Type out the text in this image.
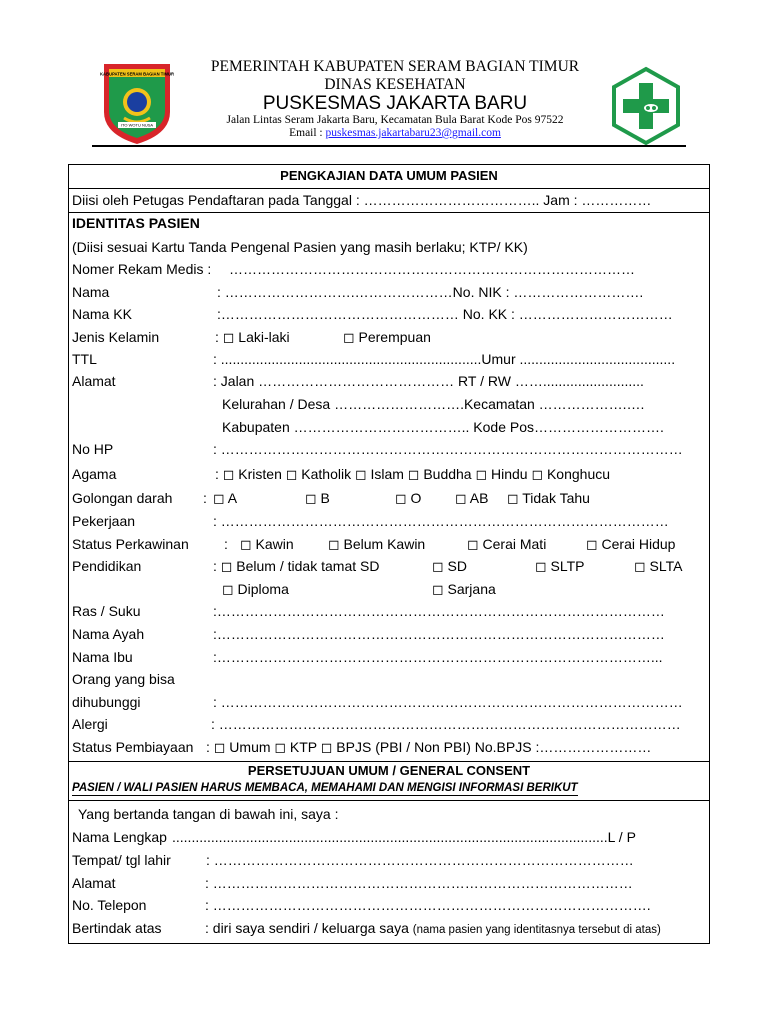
KABUPATEN SERAM BAGIAN TIMUR
ITO WOTU NUSA
PEMERINTAH KABUPATEN SERAM BAGIAN TIMUR
DINAS KESEHATAN
PUSKESMAS JAKARTA BARU
Jalan Lintas Seram Jakarta Baru, Kecamatan Bula Barat Kode Pos 97522
Email : puskesmas.jakartabaru23@gmail.com
PENGKAJIAN DATA UMUM PASIEN
Diisi oleh Petugas Pendaftaran pada Tanggal : ……………………………….. Jam : ……………
IDENTITAS PASIEN
(Diisi sesuai Kartu Tanda Pengenal Pasien yang masih berlaku; KTP/ KK)
Nomer Rekam Medis : ……………………………………………………………………………
Nama	: ……………………….…………………No. NIK : ……………………….
Nama KK	:…………………………………………… No. KK : ……………………………
Jenis Kelamin	: ◻ Laki-laki	◻ Perempuan
TTL	: ...................................................................Umur ........................................
Alamat	: Jalan …………………………………… RT / RW ……..........................
Kelurahan / Desa ……………………….Kecamatan ……………….….
Kabupaten ……………………………….. Kode Pos……………………….
No HP	: ………………………………………………………………………………………
Agama	: ◻ Kristen ◻ Katholik ◻ Islam ◻ Buddha ◻ Hindu ◻ Konghucu
Golongan darah : ◻ A	◻ B	◻ O ◻ AB ◻ Tidak Tahu
Pekerjaan	: ……………………………………………………………………………………
Status Perkawinan	: ◻ Kawin ◻ Belum Kawin	◻ Cerai Mati	◻ Cerai Hidup
Pendidikan	: ◻ Belum / tidak tamat SD	◻ SD	◻ SLTP	◻ SLTA
◻ Diploma	◻ Sarjana
Ras / Suku	:……………………………………………………………………………………
Nama Ayah	:……………………………………………………………………………………
Nama Ibu	:…………………………………………………………………………………...
Orang yang bisa
dihubunggi	: ………………………………………………………………………………………
Alergi	: ………………………………………………………………………………………
Status Pembiayaan : ◻ Umum ◻ KTP ◻ BPJS (PBI / Non PBI) No.BPJS :……………………
PERSETUJUAN UMUM / GENERAL CONSENT
PASIEN / WALI PASIEN HARUS MEMBACA, MEMAHAMI DAN MENGISI INFORMASI BERIKUT
Yang bertanda tangan di bawah ini, saya :
Nama Lengkap ................................................................................................................L / P
Tempat/ tgl lahir	: ………………………………………………………………………………
Alamat	: ………………………………………………………………………………
No. Telepon	: ………………………………………………………………………………….
Bertindak atas	: diri saya sendiri / keluarga saya (nama pasien yang identitasnya tersebut di atas)
